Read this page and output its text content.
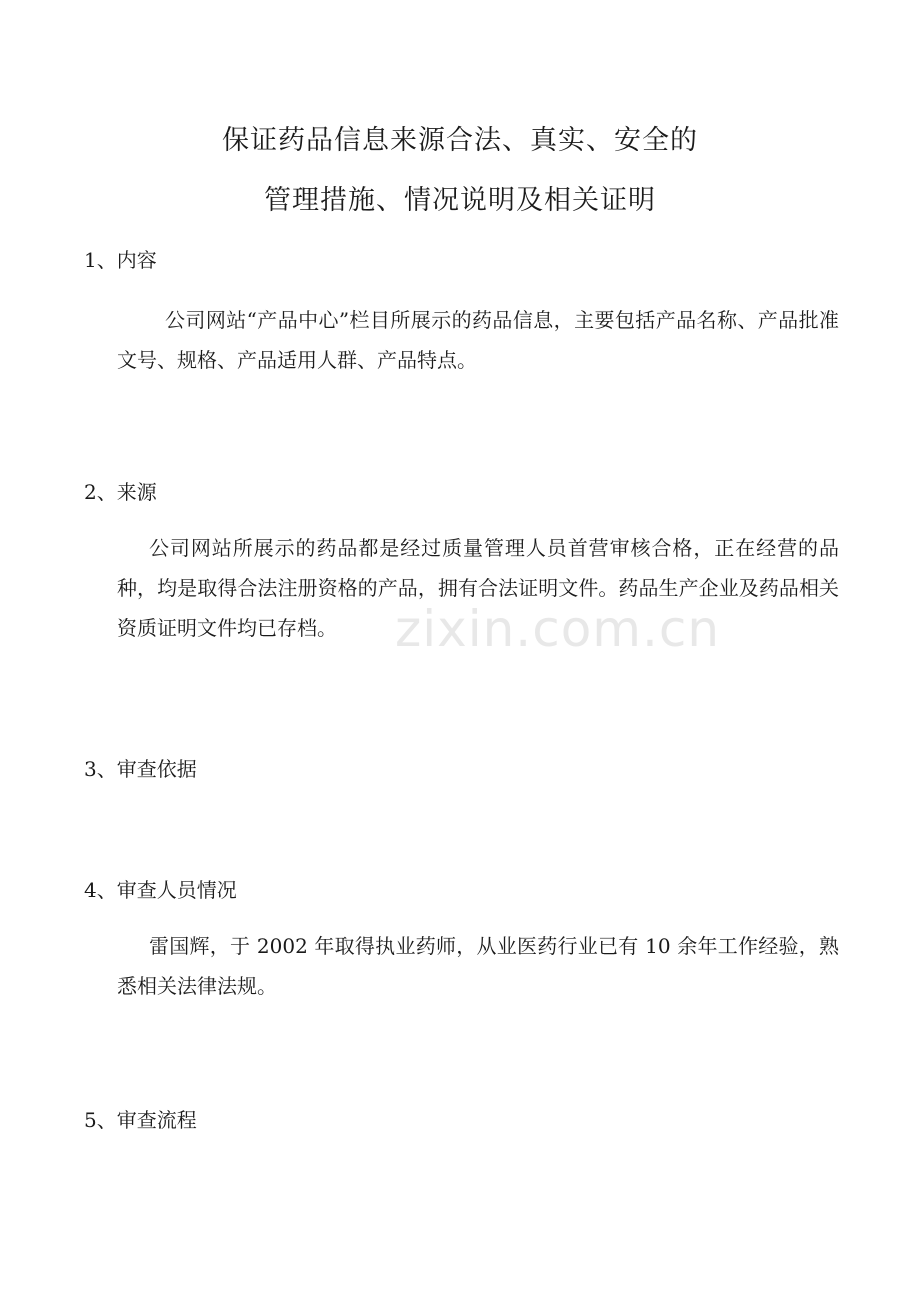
保证药品信息来源合法、真实、安全的
管理措施、情况说明及相关证明
1、内容
公司网站“产品中心”栏目所展示的药品信息，主要包括产品名称、产品批准文号、规格、产品适用人群、产品特点。
2、来源
公司网站所展示的药品都是经过质量管理人员首营审核合格，正在经营的品种，均是取得合法注册资格的产品，拥有合法证明文件。药品生产企业及药品相关资质证明文件均已存档。	zixin.com.cn
3、审查依据
4、审查人员情况
雷国辉，于 2002 年取得执业药师，从业医药行业已有 10 余年工作经验，熟悉相关法律法规。
5、审查流程
